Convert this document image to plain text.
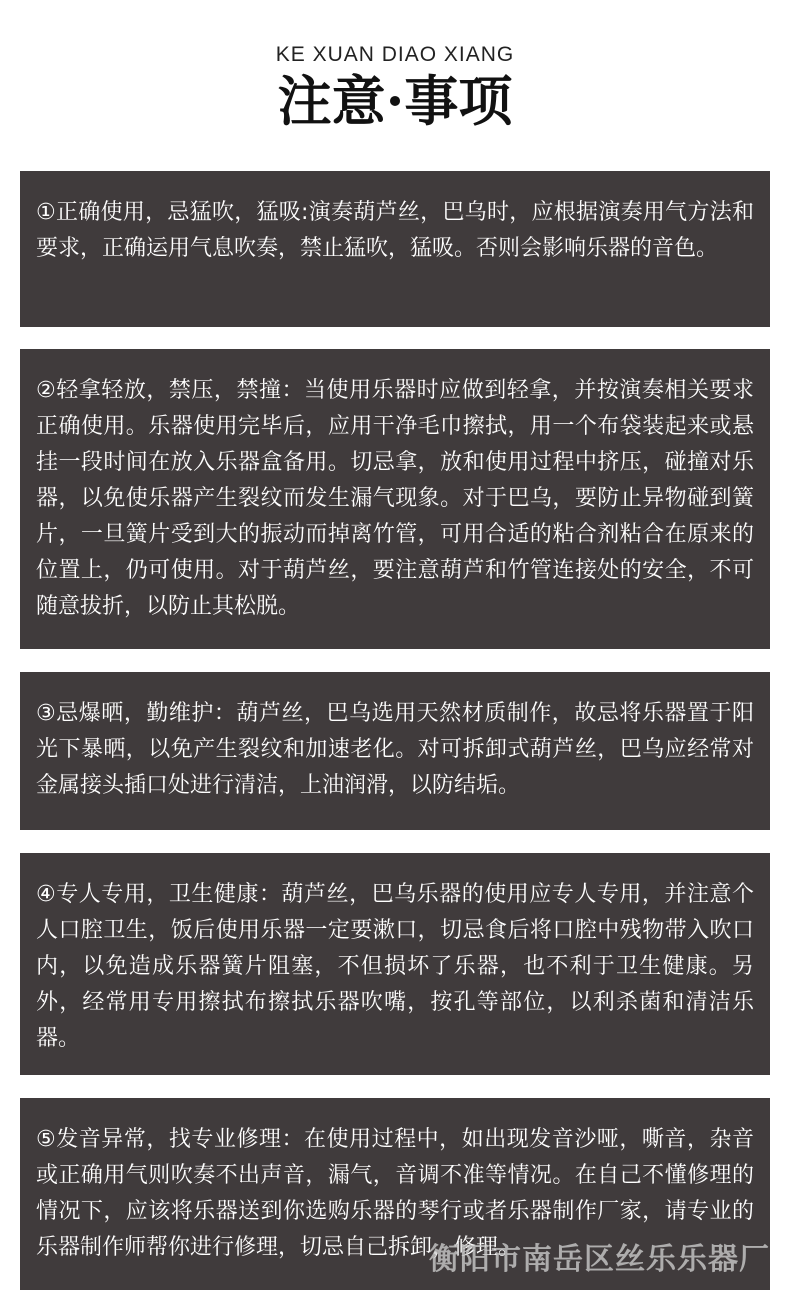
KE XUAN DIAO XIANG
注意·事项

①正确使用，忌猛吹，猛吸:演奏葫芦丝，巴乌时，应根据演奏用气方法和要求，正确运用气息吹奏，禁止猛吹，猛吸。否则会影响乐器的音色。

②轻拿轻放，禁压，禁撞：当使用乐器时应做到轻拿，并按演奏相关要求正确使用。乐器使用完毕后，应用干净毛巾擦拭，用一个布袋装起来或悬挂一段时间在放入乐器盒备用。切忌拿，放和使用过程中挤压，碰撞对乐器，以免使乐器产生裂纹而发生漏气现象。对于巴乌，要防止异物碰到簧片，一旦簧片受到大的振动而掉离竹管，可用合适的粘合剂粘合在原来的位置上，仍可使用。对于葫芦丝，要注意葫芦和竹管连接处的安全，不可随意拔折，以防止其松脱。

③忌爆晒，勤维护：葫芦丝，巴乌选用天然材质制作，故忌将乐器置于阳光下暴晒，以免产生裂纹和加速老化。对可拆卸式葫芦丝，巴乌应经常对金属接头插口处进行清洁，上油润滑，以防结垢。

④专人专用，卫生健康：葫芦丝，巴乌乐器的使用应专人专用，并注意个人口腔卫生，饭后使用乐器一定要漱口，切忌食后将口腔中残物带入吹口内，以免造成乐器簧片阻塞，不但损坏了乐器，也不利于卫生健康。另外，经常用专用擦拭布擦拭乐器吹嘴，按孔等部位，以利杀菌和清洁乐器。

⑤发音异常，找专业修理：在使用过程中，如出现发音沙哑，嘶音，杂音或正确用气则吹奏不出声音，漏气，音调不准等情况。在自己不懂修理的情况下，应该将乐器送到你选购乐器的琴行或者乐器制作厂家，请专业的乐器制作师帮你进行修理，切忌自己拆卸，修理。

衡阳市南岳区丝乐乐器厂
